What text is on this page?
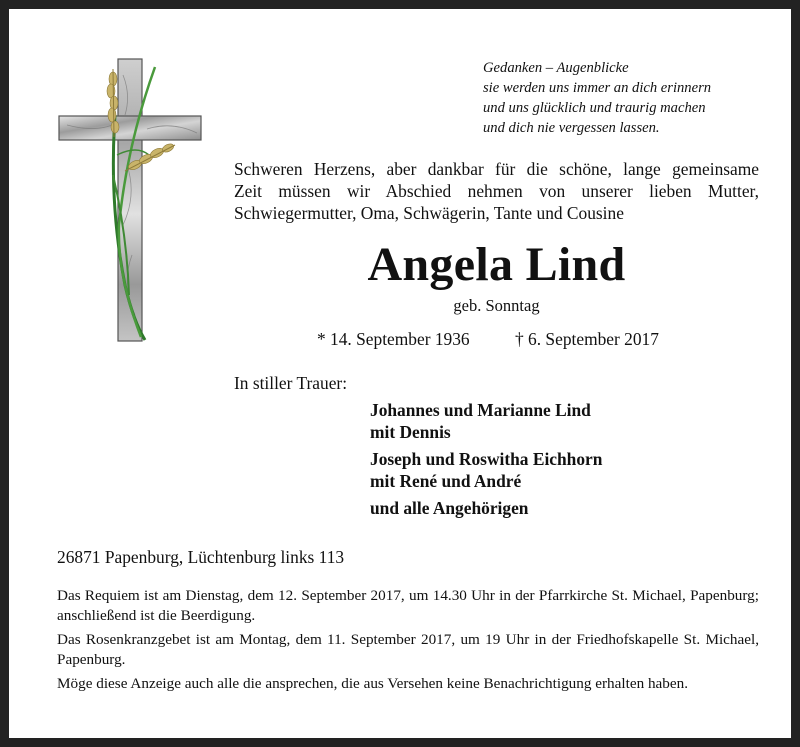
Gedanken – Augenblicke
sie werden uns immer an dich erinnern
und uns glücklich und traurig machen
und dich nie vergessen lassen.
Schweren Herzens, aber dankbar für die schöne, lange gemeinsame
Zeit müssen wir Abschied nehmen von unserer lieben Mutter,
Schwiegermutter, Oma, Schwägerin, Tante und Cousine
Angela Lind
geb. Sonntag
* 14. September 1936	† 6. September 2017
In stiller Trauer:
Johannes und Marianne Lind
mit Dennis
Joseph und Roswitha Eichhorn
mit René und André
und alle Angehörigen
26871 Papenburg, Lüchtenburg links 113

Das Requiem ist am Dienstag, dem 12. September 2017, um 14.30 Uhr in der Pfarrkirche St. Michael, Papenburg; anschließend ist die Beerdigung.

Das Rosenkranzgebet ist am Montag, dem 11. September 2017, um 19 Uhr in der Friedhofskapelle St. Michael, Papenburg.

Möge diese Anzeige auch alle die ansprechen, die aus Versehen keine Benachrichtigung erhalten haben.
